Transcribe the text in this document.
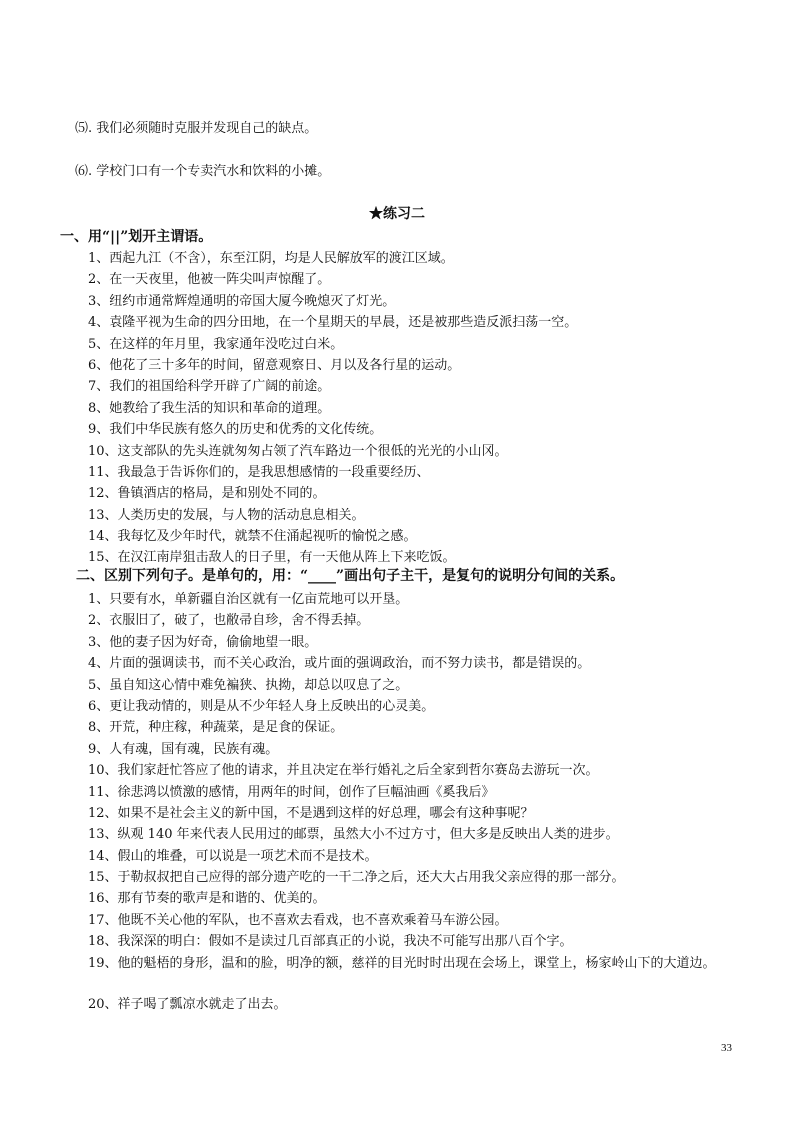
⑸. 我们必须随时克服并发现自己的缺点。
⑹. 学校门口有一个专卖汽水和饮料的小摊。
★练习二
一、用“||”划开主谓语。
1、西起九江（不含），东至江阴，均是人民解放军的渡江区域。
2、在一天夜里，他被一阵尖叫声惊醒了。
3、纽约市通常辉煌通明的帝国大厦今晚熄灭了灯光。
4、袁隆平视为生命的四分田地，在一个星期天的早晨，还是被那些造反派扫荡一空。
5、在这样的年月里，我家通年没吃过白米。
6、他花了三十多年的时间，留意观察日、月以及各行星的运动。
7、我们的祖国给科学开辟了广阔的前途。
8、她教给了我生活的知识和革命的道理。
9、我们中华民族有悠久的历史和优秀的文化传统。
10、这支部队的先头连就匆匆占领了汽车路边一个很低的光光的小山冈。
11、我最急于告诉你们的，是我思想感情的一段重要经历、
12、鲁镇酒店的格局，是和别处不同的。
13、人类历史的发展，与人物的活动息息相关。
14、我每忆及少年时代，就禁不住涌起视听的愉悦之感。
15、在汉江南岸狙击敌人的日子里，有一天他从阵上下来吃饭。
二、区别下列句子。是单句的，用：“____”画出句子主干，是复句的说明分句间的关系。
1、只要有水，单新疆自治区就有一亿亩荒地可以开垦。
2、衣服旧了，破了，也敝帚自珍，舍不得丢掉。
3、他的妻子因为好奇，偷偷地望一眼。
4、片面的强调读书，而不关心政治，或片面的强调政治，而不努力读书，都是错误的。
5、虽自知这心情中难免褊狭、执拗，却总以叹息了之。
6、更让我动情的，则是从不少年轻人身上反映出的心灵美。
8、开荒，种庄稼，种蔬菜，是足食的保证。
9、人有魂，国有魂，民族有魂。
10、我们家赶忙答应了他的请求，并且决定在举行婚礼之后全家到哲尔赛岛去游玩一次。
11、徐悲鸿以愤激的感情，用两年的时间，创作了巨幅油画《奚我后》
12、如果不是社会主义的新中国，不是遇到这样的好总理，哪会有这种事呢？
13、纵观 140 年来代表人民用过的邮票，虽然大小不过方寸，但大多是反映出人类的进步。
14、假山的堆叠，可以说是一项艺术而不是技术。
15、于勒叔叔把自己应得的部分遗产吃的一干二净之后，还大大占用我父亲应得的那一部分。
16、那有节奏的歌声是和谐的、优美的。
17、他既不关心他的军队，也不喜欢去看戏，也不喜欢乘着马车游公园。
18、我深深的明白：假如不是读过几百部真正的小说，我决不可能写出那八百个字。
19、他的魁梧的身形，温和的脸，明净的额，慈祥的目光时时出现在会场上，课堂上，杨家岭山下的大道边。
20、祥子喝了瓢凉水就走了出去。
33
